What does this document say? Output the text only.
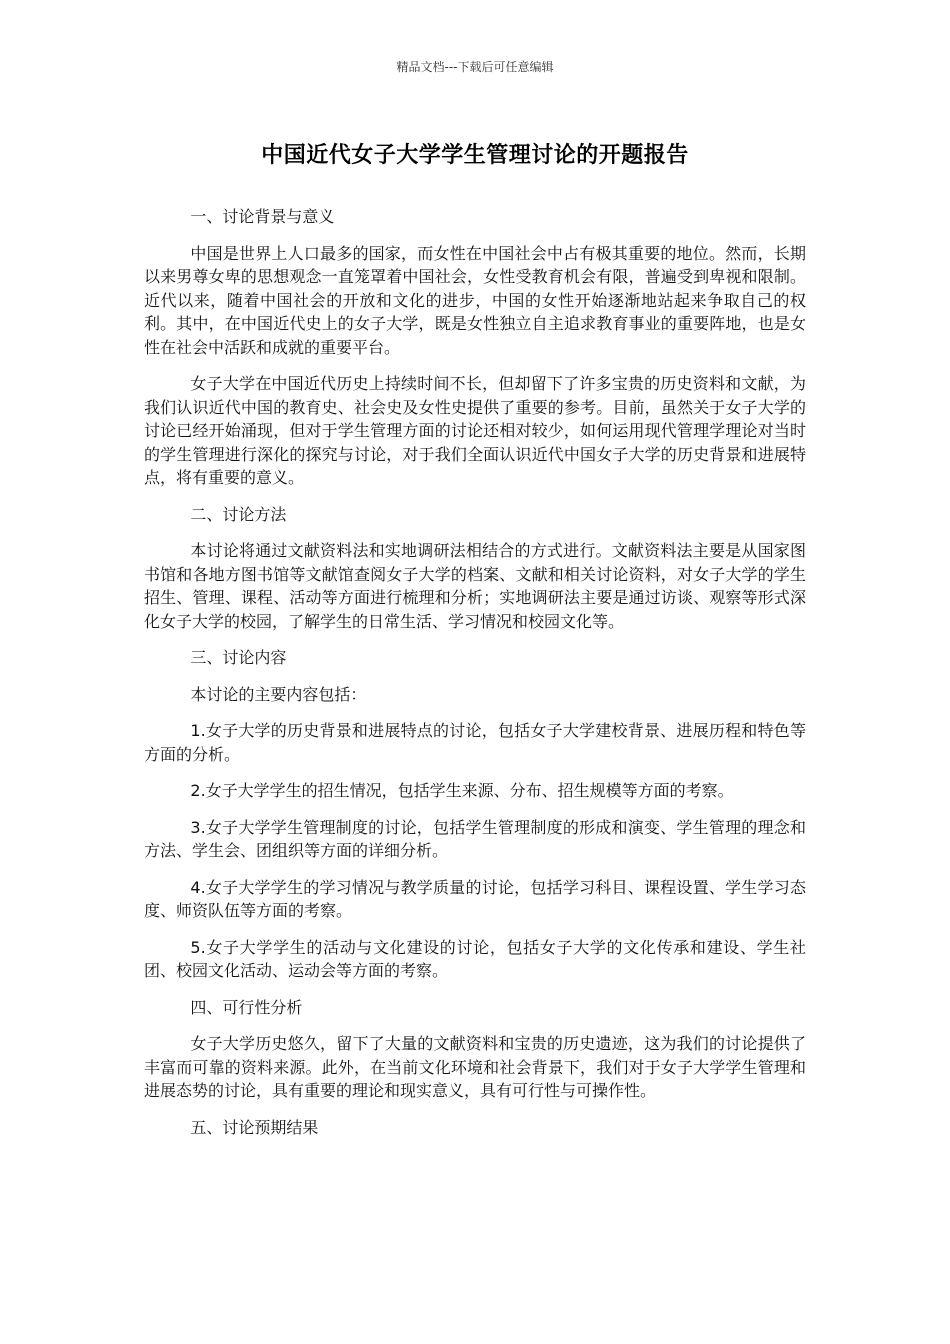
精品文档---下载后可任意编辑
中国近代女子大学学生管理讨论的开题报告

一、讨论背景与意义

中国是世界上人口最多的国家，而女性在中国社会中占有极其重要的地位。然而，长期以来男尊女卑的思想观念一直笼罩着中国社会，女性受教育机会有限，普遍受到卑视和限制。近代以来，随着中国社会的开放和文化的进步，中国的女性开始逐渐地站起来争取自己的权利。其中，在中国近代史上的女子大学，既是女性独立自主追求教育事业的重要阵地，也是女性在社会中活跃和成就的重要平台。

女子大学在中国近代历史上持续时间不长，但却留下了许多宝贵的历史资料和文献，为我们认识近代中国的教育史、社会史及女性史提供了重要的参考。目前，虽然关于女子大学的讨论已经开始涌现，但对于学生管理方面的讨论还相对较少，如何运用现代管理学理论对当时的学生管理进行深化的探究与讨论，对于我们全面认识近代中国女子大学的历史背景和进展特点，将有重要的意义。

二、讨论方法

本讨论将通过文献资料法和实地调研法相结合的方式进行。文献资料法主要是从国家图书馆和各地方图书馆等文献馆查阅女子大学的档案、文献和相关讨论资料，对女子大学的学生招生、管理、课程、活动等方面进行梳理和分析；实地调研法主要是通过访谈、观察等形式深化女子大学的校园，了解学生的日常生活、学习情况和校园文化等。

三、讨论内容

本讨论的主要内容包括：

1.女子大学的历史背景和进展特点的讨论，包括女子大学建校背景、进展历程和特色等方面的分析。

2.女子大学学生的招生情况，包括学生来源、分布、招生规模等方面的考察。

3.女子大学学生管理制度的讨论，包括学生管理制度的形成和演变、学生管理的理念和方法、学生会、团组织等方面的详细分析。

4.女子大学学生的学习情况与教学质量的讨论，包括学习科目、课程设置、学生学习态度、师资队伍等方面的考察。

5.女子大学学生的活动与文化建设的讨论，包括女子大学的文化传承和建设、学生社团、校园文化活动、运动会等方面的考察。

四、可行性分析

女子大学历史悠久，留下了大量的文献资料和宝贵的历史遗迹，这为我们的讨论提供了丰富而可靠的资料来源。此外，在当前文化环境和社会背景下，我们对于女子大学学生管理和进展态势的讨论，具有重要的理论和现实意义，具有可行性与可操作性。

五、讨论预期结果
